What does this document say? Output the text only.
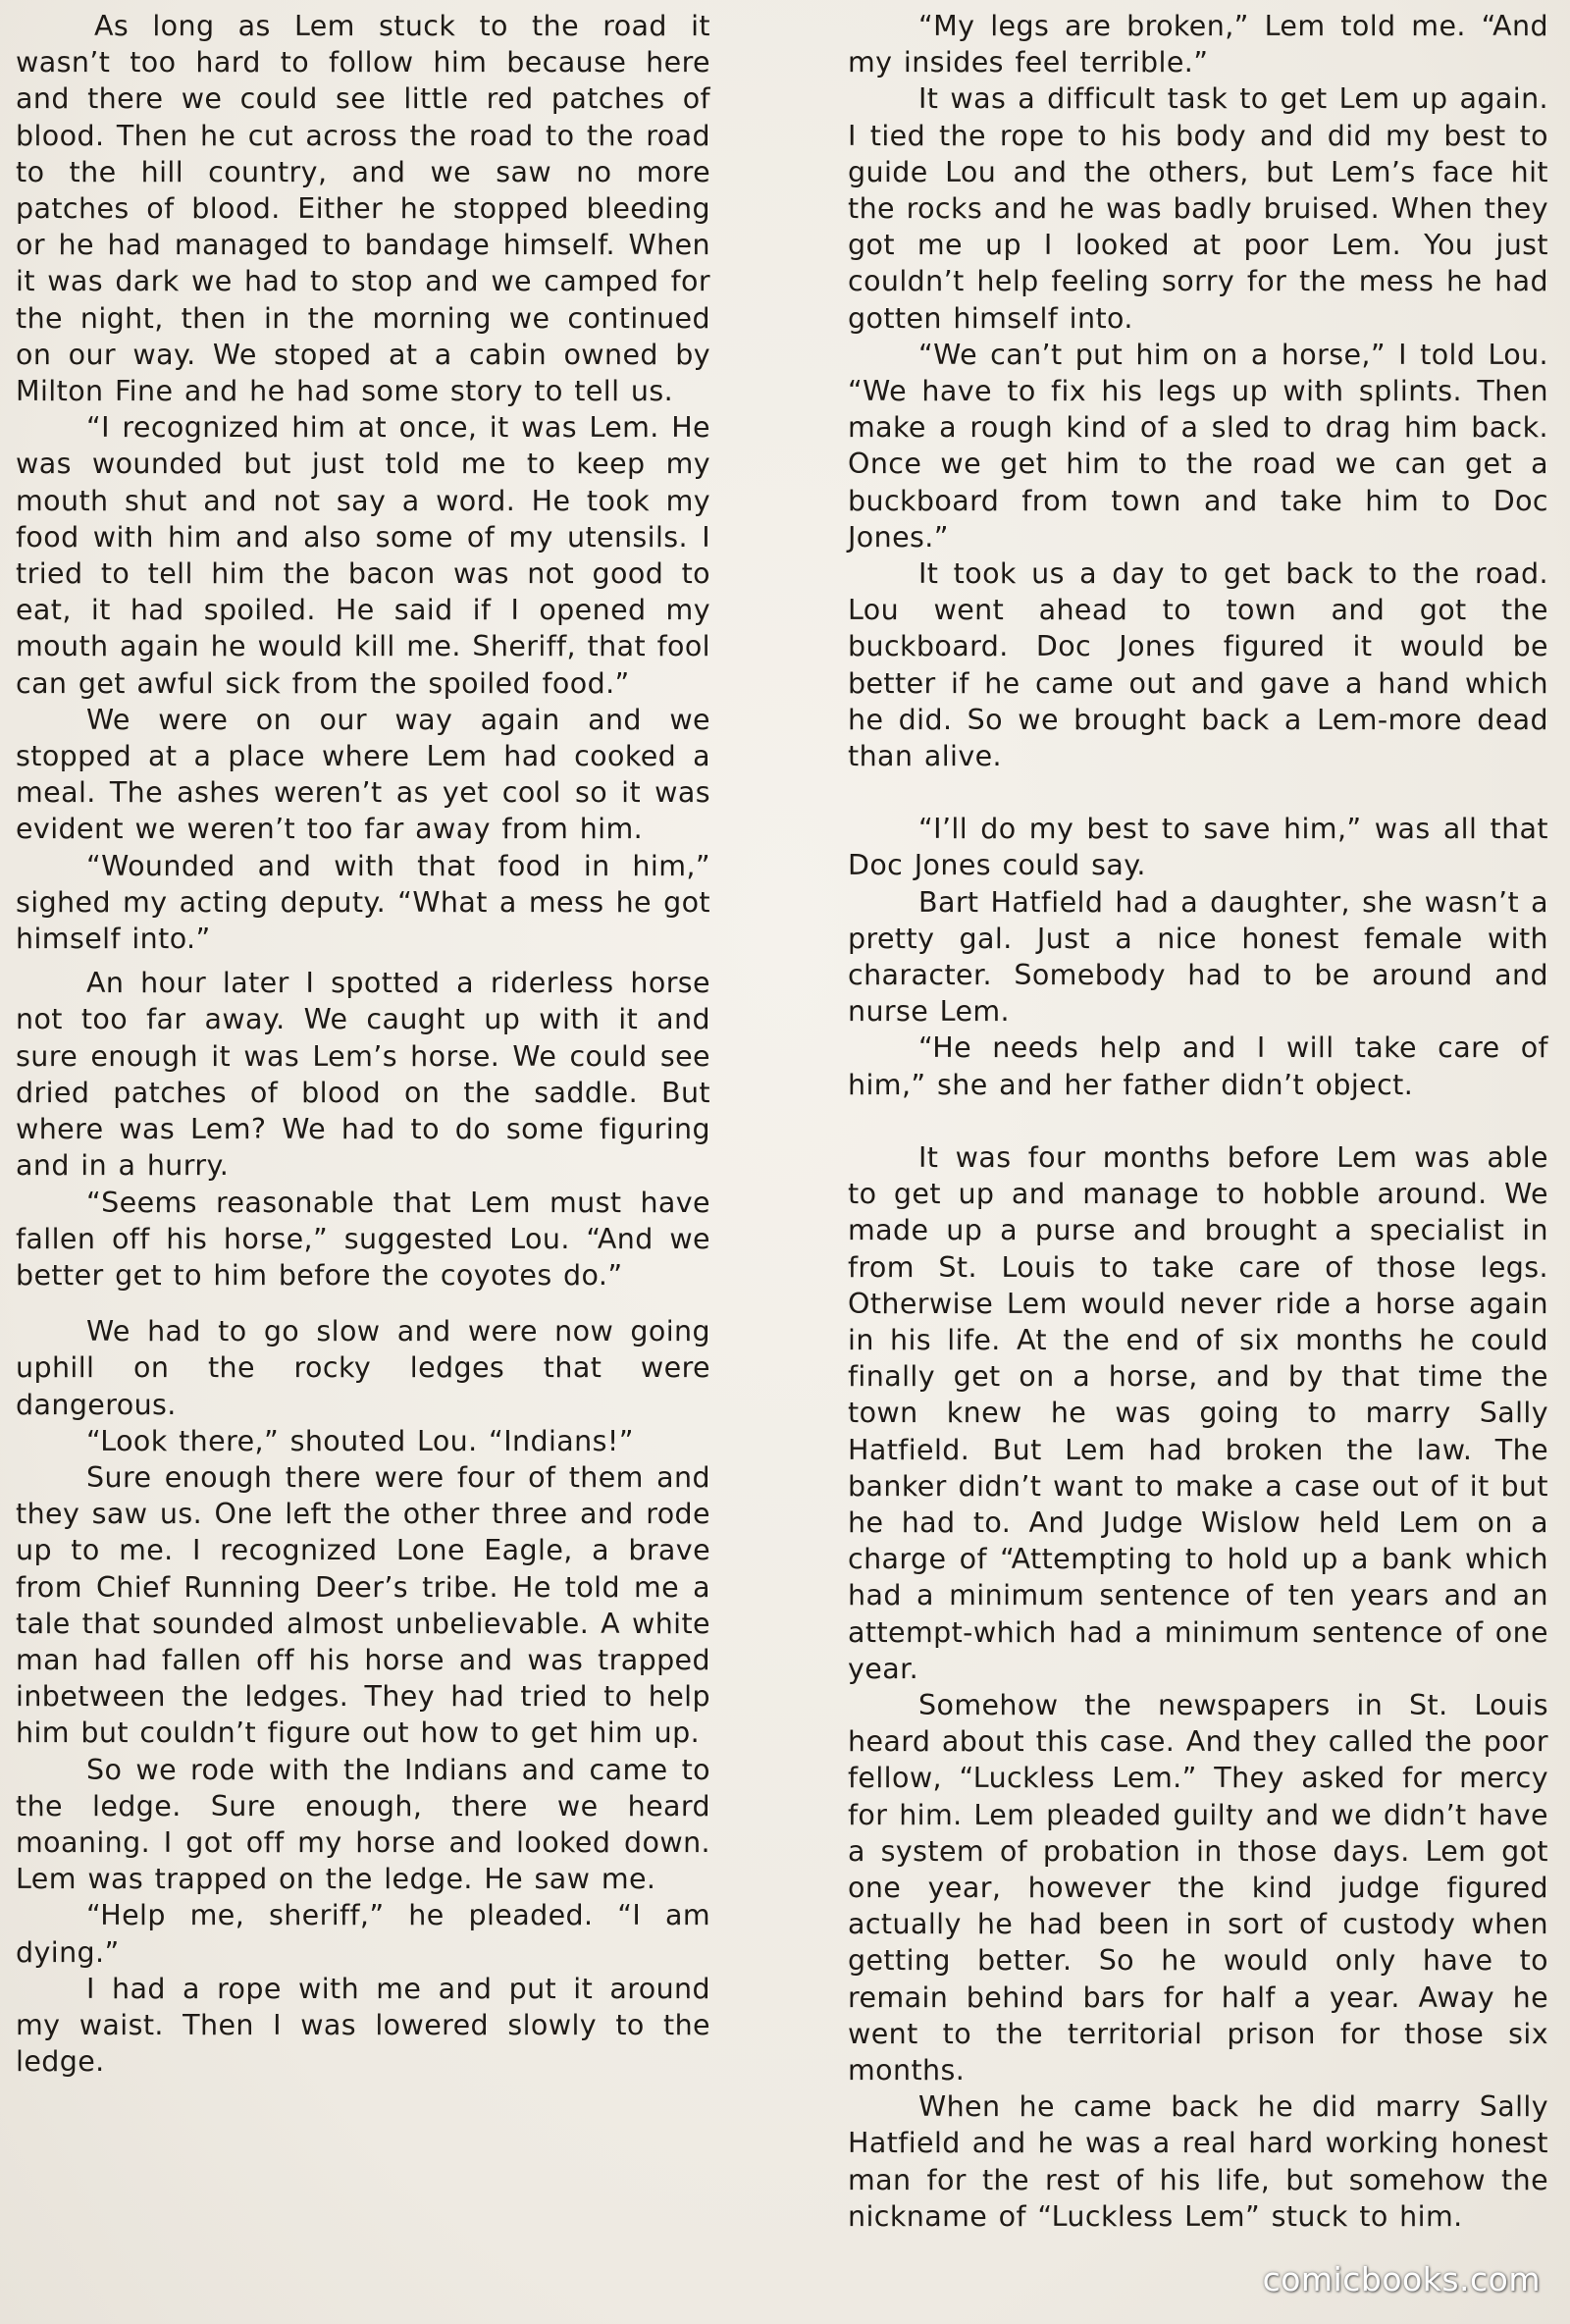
As long as Lem stuck to the road it wasn’t too hard to follow him because here and there we could see little red patches of blood. Then he cut across the road to the road to the hill country, and we saw no more patches of blood. Either he stopped bleeding or he had managed to bandage himself. When it was dark we had to stop and we camped for the night, then in the morning we continued on our way. We stoped at a cabin owned by Milton Fine and he had some story to tell us.

“I recognized him at once, it was Lem. He was wounded but just told me to keep my mouth shut and not say a word. He took my food with him and also some of my utensils. I tried to tell him the bacon was not good to eat, it had spoiled. He said if I opened my mouth again he would kill me. Sheriff, that fool can get awful sick from the spoiled food.”

We were on our way again and we stopped at a place where Lem had cooked a meal. The ashes weren’t as yet cool so it was evident we weren’t too far away from him.

“Wounded and with that food in him,” sighed my acting deputy. “What a mess he got himself into.”

An hour later I spotted a riderless horse not too far away. We caught up with it and sure enough it was Lem’s horse. We could see dried patches of blood on the saddle. But where was Lem? We had to do some figuring and in a hurry.

“Seems reasonable that Lem must have fallen off his horse,” suggested Lou. “And we better get to him before the coyotes do.”

We had to go slow and were now going uphill on the rocky ledges that were dangerous.

“Look there,” shouted Lou. “Indians!”

Sure enough there were four of them and they saw us. One left the other three and rode up to me. I recognized Lone Eagle, a brave from Chief Running Deer’s tribe. He told me a tale that sounded almost unbelievable. A white man had fallen off his horse and was trapped inbetween the ledges. They had tried to help him but couldn’t figure out how to get him up.

So we rode with the Indians and came to the ledge. Sure enough, there we heard moaning. I got off my horse and looked down. Lem was trapped on the ledge. He saw me.

“Help me, sheriff,” he pleaded. “I am dying.”

I had a rope with me and put it around my waist. Then I was lowered slowly to the ledge.

“My legs are broken,” Lem told me. “And my insides feel terrible.”

It was a difficult task to get Lem up again. I tied the rope to his body and did my best to guide Lou and the others, but Lem’s face hit the rocks and he was badly bruised. When they got me up I looked at poor Lem. You just couldn’t help feeling sorry for the mess he had gotten himself into.

“We can’t put him on a horse,” I told Lou. “We have to fix his legs up with splints. Then make a rough kind of a sled to drag him back. Once we get him to the road we can get a buckboard from town and take him to Doc Jones.”

It took us a day to get back to the road. Lou went ahead to town and got the buckboard. Doc Jones figured it would be better if he came out and gave a hand which he did. So we brought back a Lem-more dead than alive.

“I’ll do my best to save him,” was all that Doc Jones could say.

Bart Hatfield had a daughter, she wasn’t a pretty gal. Just a nice honest female with character. Somebody had to be around and nurse Lem.

“He needs help and I will take care of him,” she and her father didn’t object.

It was four months before Lem was able to get up and manage to hobble around. We made up a purse and brought a specialist in from St. Louis to take care of those legs. Otherwise Lem would never ride a horse again in his life. At the end of six months he could finally get on a horse, and by that time the town knew he was going to marry Sally Hatfield. But Lem had broken the law. The banker didn’t want to make a case out of it but he had to. And Judge Wislow held Lem on a charge of “Attempting to hold up a bank which had a minimum sentence of ten years and an attempt-which had a minimum sentence of one year.

Somehow the newspapers in St. Louis heard about this case. And they called the poor fellow, “Luckless Lem.” They asked for mercy for him. Lem pleaded guilty and we didn’t have a system of probation in those days. Lem got one year, however the kind judge figured actually he had been in sort of custody when getting better. So he would only have to remain behind bars for half a year. Away he went to the territorial prison for those six months.

When he came back he did marry Sally Hatfield and he was a real hard working honest man for the rest of his life, but somehow the nickname of “Luckless Lem” stuck to him.

comicbooks.com
